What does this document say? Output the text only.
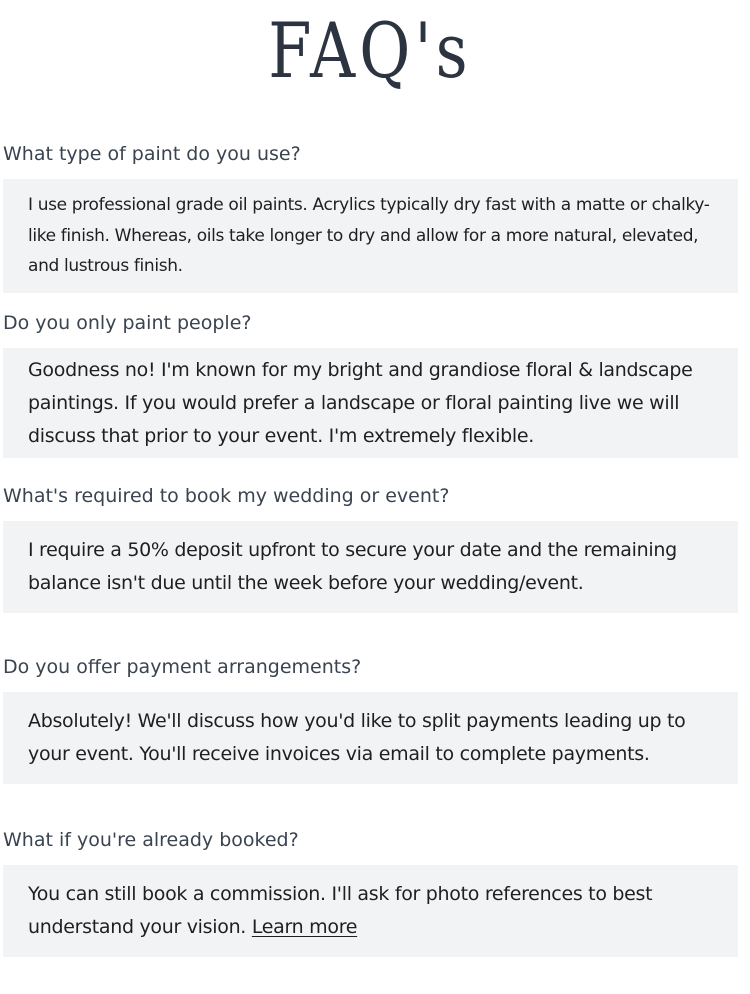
FAQ's
What type of paint do you use?

I use professional grade oil paints. Acrylics typically dry fast with a matte or chalky-like finish. Whereas, oils take longer to dry and allow for a more natural, elevated, and lustrous finish.

Do you only paint people?

Goodness no! I'm known for my bright and grandiose floral & landscape paintings. If you would prefer a landscape or floral painting live we will discuss that prior to your event. I'm extremely flexible.

What's required to book my wedding or event?

I require a 50% deposit upfront to secure your date and the remaining balance isn't due until the week before your wedding/event.

Do you offer payment arrangements?

Absolutely! We'll discuss how you'd like to split payments leading up to your event. You'll receive invoices via email to complete payments.

What if you're already booked?

You can still book a commission. I'll ask for photo references to best understand your vision. Learn more
